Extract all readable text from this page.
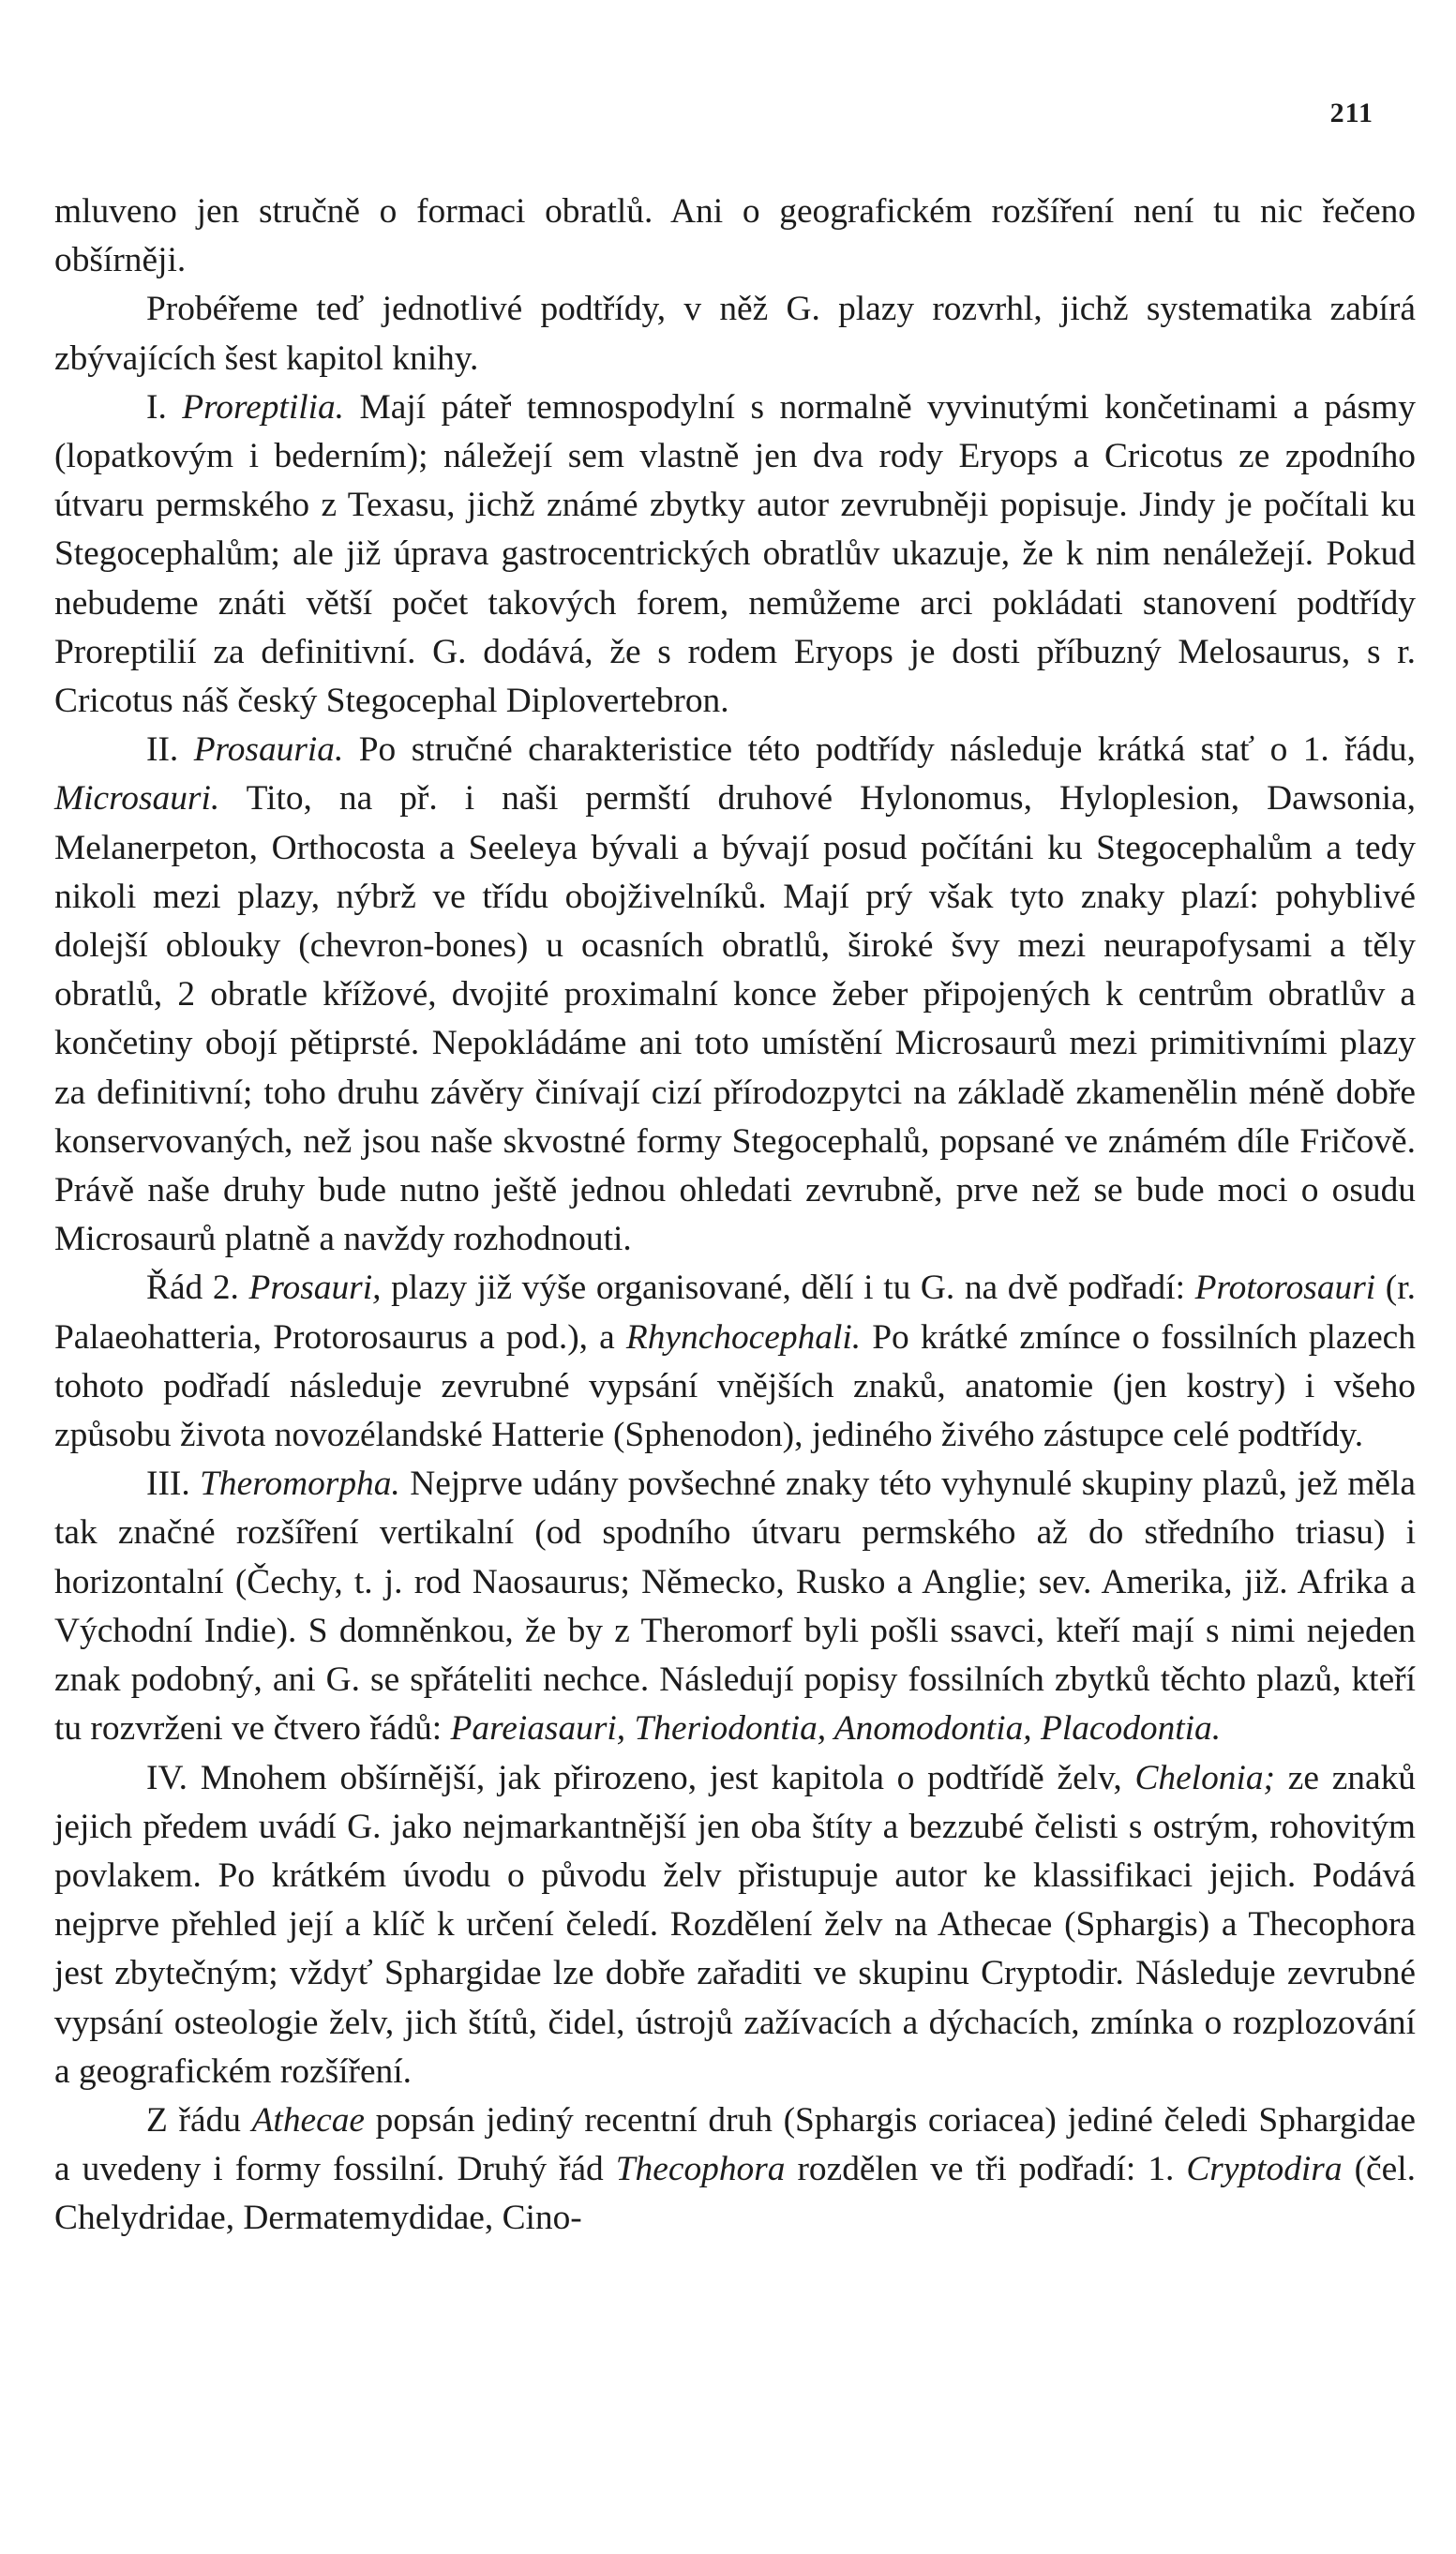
211

mluveno jen stručně o formaci obratlů. Ani o geografickém rozšíření není tu nic řečeno obšírněji.

Probéřeme teď jednotlivé podtřídy, v něž G. plazy rozvrhl, jichž systematika zabírá zbývajících šest kapitol knihy.

I. Proreptilia. Mají páteř temnospodylní s normalně vyvinutými končetinami a pásmy (lopatkovým i bederním); náležejí sem vlastně jen dva rody Eryops a Cricotus ze zpodního útvaru permského z Texasu, jichž známé zbytky autor zevrubněji popisuje. Jindy je počítali ku Stegocephalům; ale již úprava gastrocentrických obratlův ukazuje, že k nim nenáležejí. Pokud nebudeme znáti větší počet takových forem, nemůžeme arci pokládati stanovení podtřídy Proreptilií za definitivní. G. dodává, že s rodem Eryops je dosti příbuzný Melosaurus, s r. Cricotus náš český Stegocephal Diplovertebron.

II. Prosauria. Po stručné charakteristice této podtřídy následuje krátká stať o 1. řádu, Microsauri. Tito, na př. i naši permští druhové Hylonomus, Hyloplesion, Dawsonia, Melanerpeton, Orthocosta a Seeleya bývali a bývají posud počítáni ku Stegocephalům a tedy nikoli mezi plazy, nýbrž ve třídu obojživelníků. Mají prý však tyto znaky plazí: pohyblivé dolejší oblouky (chevron-bones) u ocasních obratlů, široké švy mezi neurapofysami a těly obratlů, 2 obratle křížové, dvojité proximalní konce žeber připojených k centrům obratlův a končetiny obojí pětiprsté. Nepokládáme ani toto umístění Microsaurů mezi primitivními plazy za definitivní; toho druhu závěry činívají cizí přírodozpytci na základě zkamenělin méně dobře konservovaných, než jsou naše skvostné formy Stegocephalů, popsané ve známém díle Fričově. Právě naše druhy bude nutno ještě jednou ohledati zevrubně, prve než se bude moci o osudu Microsaurů platně a navždy rozhodnouti.

Řád 2. Prosauri, plazy již výše organisované, dělí i tu G. na dvě podřadí: Protorosauri (r. Palaeohatteria, Protorosaurus a pod.), a Rhynchocephali. Po krátké zmínce o fossilních plazech tohoto podřadí následuje zevrubné vypsání vnějších znaků, anatomie (jen kostry) i všeho způsobu života novozélandské Hatterie (Sphenodon), jediného živého zástupce celé podtřídy.

III. Theromorpha. Nejprve udány povšechné znaky této vyhynulé skupiny plazů, jež měla tak značné rozšíření vertikalní (od spodního útvaru permského až do středního triasu) i horizontalní (Čechy, t. j. rod Naosaurus; Německo, Rusko a Anglie; sev. Amerika, již. Afrika a Východní Indie). S domněnkou, že by z Theromorf byli pošli ssavci, kteří mají s nimi nejeden znak podobný, ani G. se spřáteliti nechce. Následují popisy fossilních zbytků těchto plazů, kteří tu rozvrženi ve čtvero řádů: Pareiasauri, Theriodontia, Anomodontia, Placodontia.

IV. Mnohem obšírnější, jak přirozeno, jest kapitola o podtřídě želv, Chelonia; ze znaků jejich předem uvádí G. jako nejmarkantnější jen oba štíty a bezzubé čelisti s ostrým, rohovitým povlakem. Po krátkém úvodu o původu želv přistupuje autor ke klassifikaci jejich. Podává nejprve přehled její a klíč k určení čeledí. Rozdělení želv na Athecae (Sphargis) a Thecophora jest zbytečným; vždyť Sphargidae lze dobře zařaditi ve skupinu Cryptodir. Následuje zevrubné vypsání osteologie želv, jich štítů, čidel, ústrojů zažívacích a dýchacích, zmínka o rozplozování a geografickém rozšíření.

Z řádu Athecae popsán jediný recentní druh (Sphargis coriacea) jediné čeledi Sphargidae a uvedeny i formy fossilní. Druhý řád Thecophora rozdělen ve tři podřadí: 1. Cryptodira (čel. Chelydridae, Dermatemydidae, Cino-
